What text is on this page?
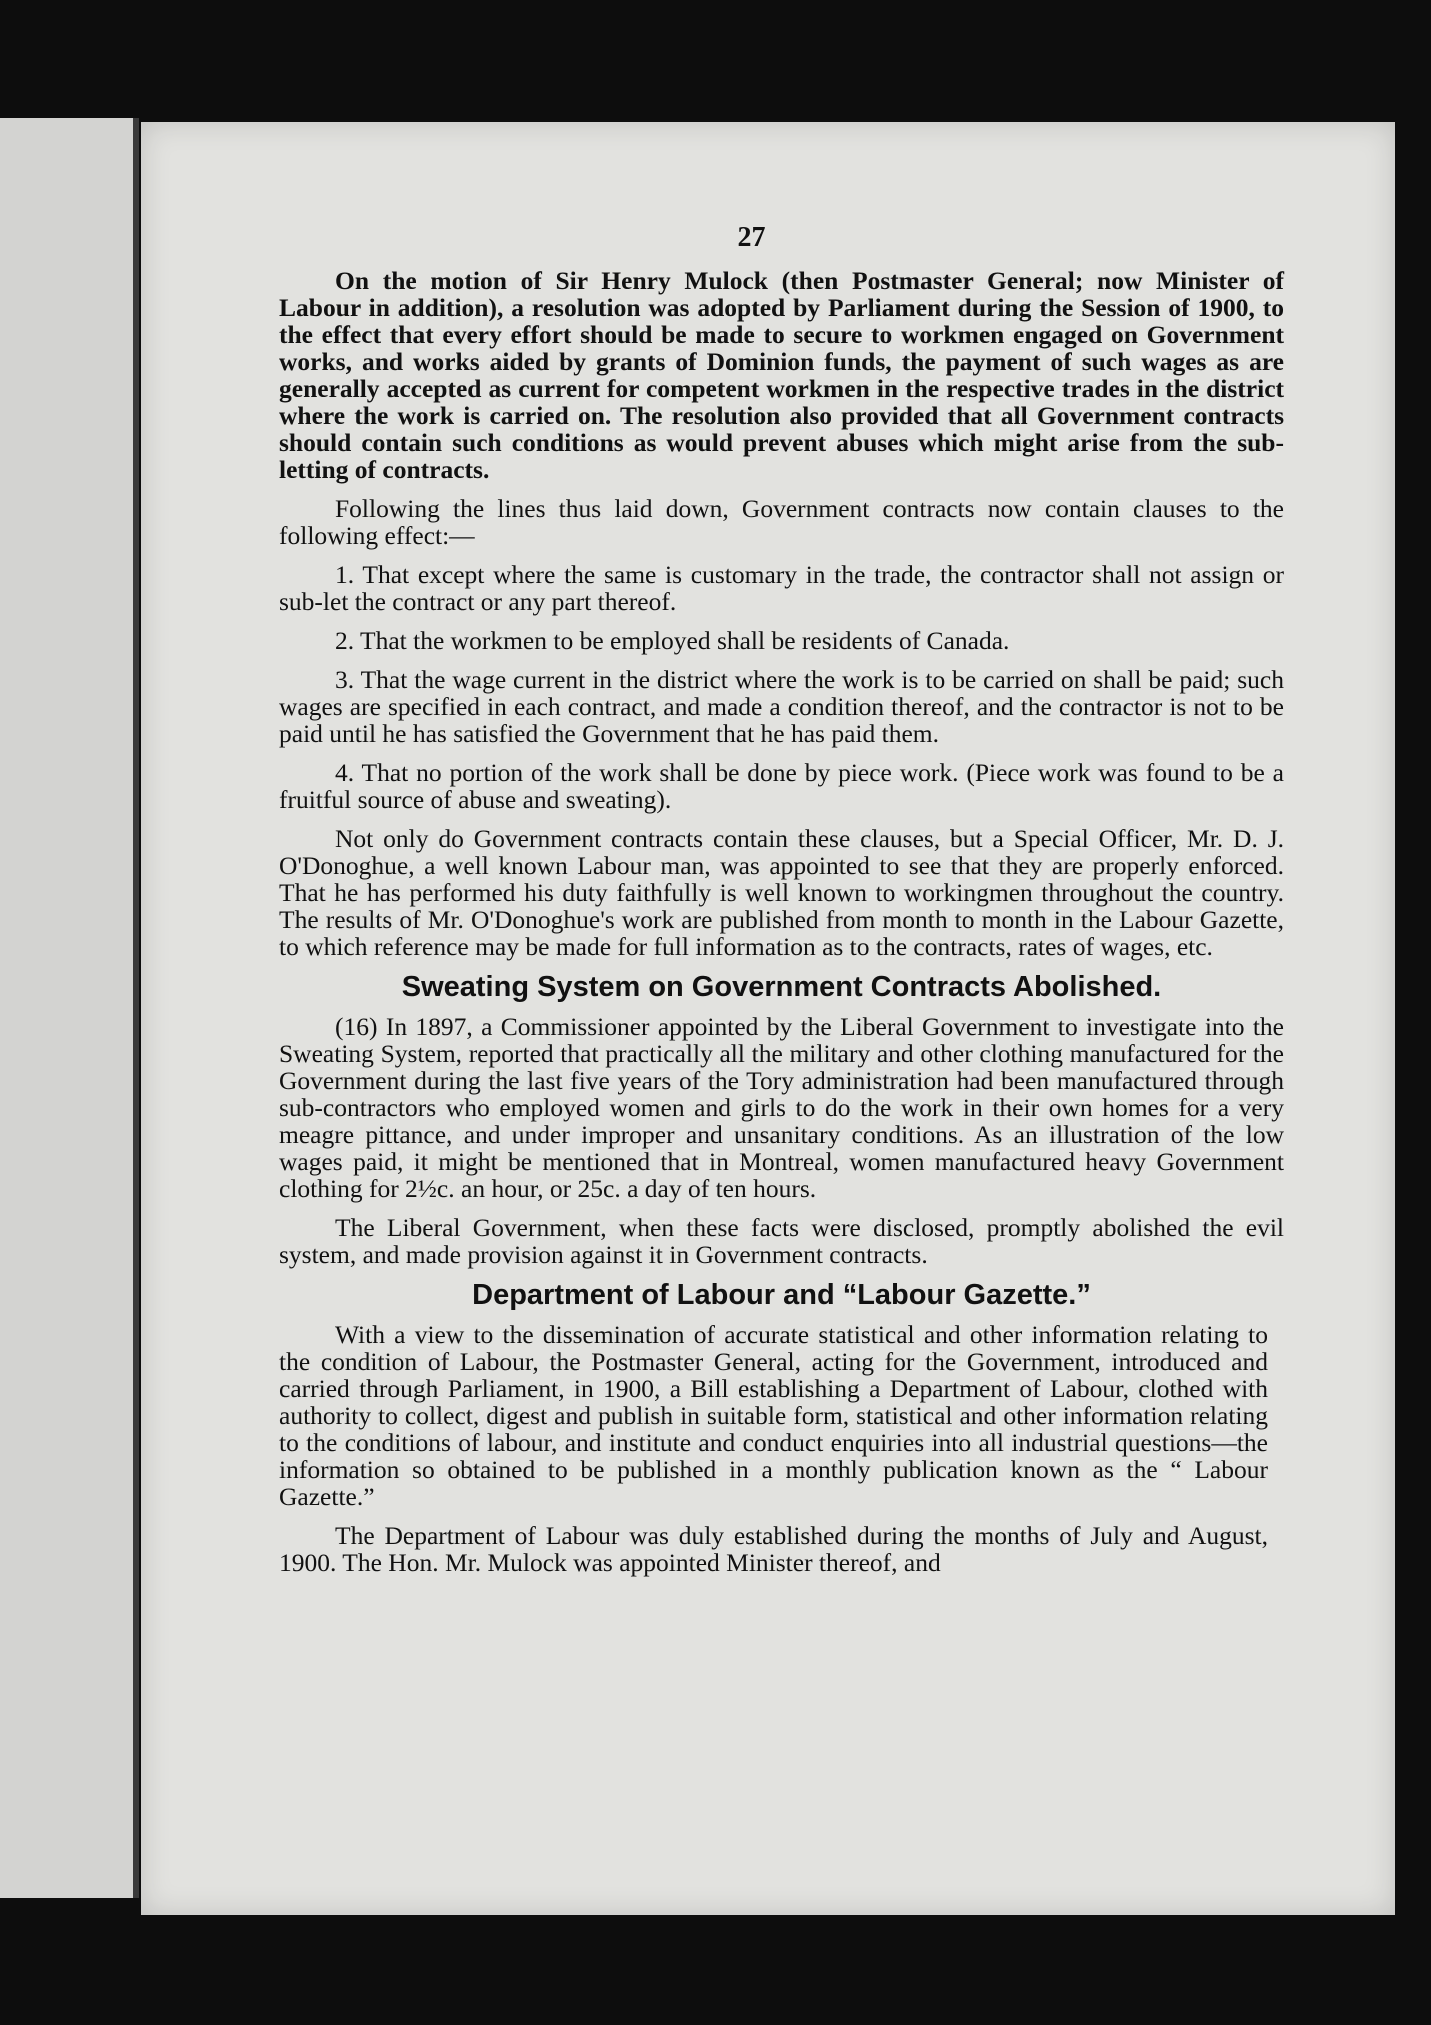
27

On the motion of Sir Henry Mulock (then Postmaster General; now Minister of Labour in addition), a resolution was adopted by Parliament during the Session of 1900, to the effect that every effort should be made to secure to workmen engaged on Government works, and works aided by grants of Dominion funds, the payment of such wages as are generally accepted as current for competent workmen in the respective trades in the district where the work is carried on. The resolution also provided that all Government contracts should contain such conditions as would prevent abuses which might arise from the sub-letting of contracts.

Following the lines thus laid down, Government contracts now contain clauses to the following effect:—

1. That except where the same is customary in the trade, the contractor shall not assign or sub-let the contract or any part thereof.

2. That the workmen to be employed shall be residents of Canada.

3. That the wage current in the district where the work is to be carried on shall be paid; such wages are specified in each contract, and made a condition thereof, and the contractor is not to be paid until he has satisfied the Government that he has paid them.

4. That no portion of the work shall be done by piece work. (Piece work was found to be a fruitful source of abuse and sweating).

Not only do Government contracts contain these clauses, but a Special Officer, Mr. D. J. O'Donoghue, a well known Labour man, was appointed to see that they are properly enforced. That he has performed his duty faithfully is well known to workingmen throughout the country. The results of Mr. O'Donoghue's work are published from month to month in the Labour Gazette, to which reference may be made for full information as to the contracts, rates of wages, etc.

Sweating System on Government Contracts Abolished.

(16) In 1897, a Commissioner appointed by the Liberal Government to investigate into the Sweating System, reported that practically all the military and other clothing manufactured for the Government during the last five years of the Tory administration had been manufactured through sub-contractors who employed women and girls to do the work in their own homes for a very meagre pittance, and under improper and unsanitary conditions. As an illustration of the low wages paid, it might be mentioned that in Montreal, women manufactured heavy Government clothing for 2½c. an hour, or 25c. a day of ten hours.

The Liberal Government, when these facts were disclosed, promptly abolished the evil system, and made provision against it in Government contracts.

Department of Labour and “Labour Gazette.”

With a view to the dissemination of accurate statistical and other information relating to the condition of Labour, the Postmaster General, acting for the Government, introduced and carried through Parliament, in 1900, a Bill establishing a Department of Labour, clothed with authority to collect, digest and publish in suitable form, statistical and other information relating to the conditions of labour, and institute and conduct enquiries into all industrial questions—the information so obtained to be published in a monthly publication known as the “ Labour Gazette.”

The Department of Labour was duly established during the months of July and August, 1900. The Hon. Mr. Mulock was appointed Minister thereof, and
